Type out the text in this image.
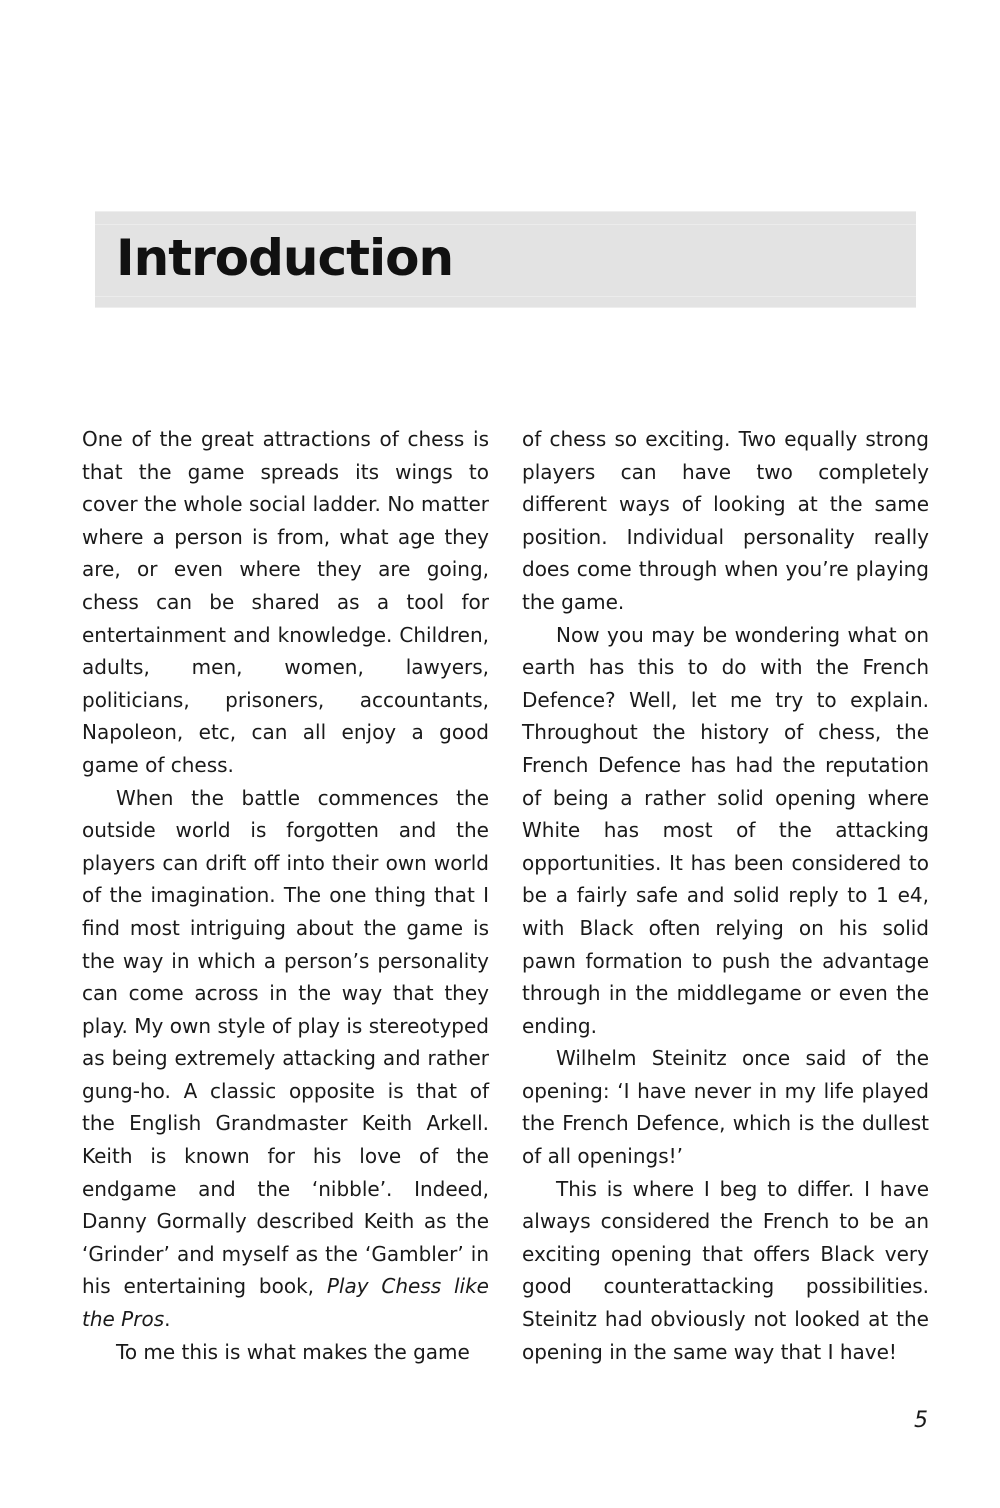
Introduction

One of the great attractions of chess is that the game spreads its wings to cover the whole social ladder. No matter where a person is from, what age they are, or even where they are going, chess can be shared as a tool for entertainment and knowledge. Children, adults, men, women, lawyers, politicians, prisoners, accountants, Napoleon, etc, can all enjoy a good game of chess.

When the battle commences the outside world is forgotten and the players can drift off into their own world of the imagination. The one thing that I find most intriguing about the game is the way in which a person’s personality can come across in the way that they play. My own style of play is stereotyped as being extremely attacking and rather gung-ho. A classic opposite is that of the English Grandmaster Keith Arkell. Keith is known for his love of the endgame and the ‘nibble’. Indeed, Danny Gormally described Keith as the ‘Grinder’ and myself as the ‘Gambler’ in his entertaining book, Play Chess like the Pros.

To me this is what makes the game

of chess so exciting. Two equally strong players can have two completely different ways of looking at the same position. Individual personality really does come through when you’re playing the game.

Now you may be wondering what on earth has this to do with the French Defence? Well, let me try to explain. Throughout the history of chess, the French Defence has had the reputation of being a rather solid opening where White has most of the attacking opportunities. It has been considered to be a fairly safe and solid reply to 1 e4, with Black often relying on his solid pawn formation to push the advantage through in the middlegame or even the ending.

Wilhelm Steinitz once said of the opening: ‘I have never in my life played the French Defence, which is the dullest of all openings!’

This is where I beg to differ. I have always considered the French to be an exciting opening that offers Black very good counterattacking possibilities. Steinitz had obviously not looked at the opening in the same way that I have!

5
